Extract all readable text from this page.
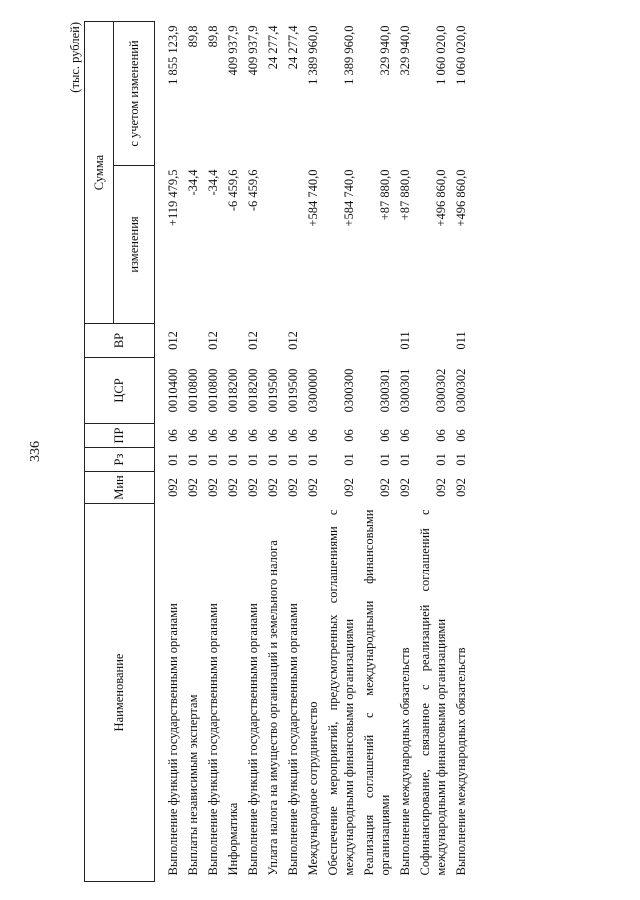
336
(тыс. рублей)
Наименование	Мин	Рз	ПР	ЦСР	ВР	Сумма	
						изменения	с учетом изменений

Выполнение функций государственными органами	092	01	06	0010400	012	+119 479,5	1 855 123,9
Выплаты независимым экспертам	092	01	06	0010800		-34,4	89,8
Выполнение функций государственными органами	092	01	06	0010800	012	-34,4	89,8
Информатика	092	01	06	0018200		-6 459,6	409 937,9
Выполнение функций государственными органами	092	01	06	0018200	012	-6 459,6	409 937,9
Уплата налога на имущество организаций и земельного налога	092	01	06	0019500			24 277,4
Выполнение функций государственными органами	092	01	06	0019500	012		24 277,4
Международное сотрудничество	092	01	06	0300000		+584 740,0	1 389 960,0
Обеспечение мероприятий, предусмотренных соглашениями с международными финансовыми организациями	092	01	06	0300300		+584 740,0	1 389 960,0
Реализация соглашений с международными финансовыми организациями	092	01	06	0300301		+87 880,0	329 940,0
Выполнение международных обязательств	092	01	06	0300301	011	+87 880,0	329 940,0
Софинансирование, связанное с реализацией соглашений с международными финансовыми организациями	092	01	06	0300302		+496 860,0	1 060 020,0
Выполнение международных обязательств	092	01	06	0300302	011	+496 860,0	1 060 020,0
